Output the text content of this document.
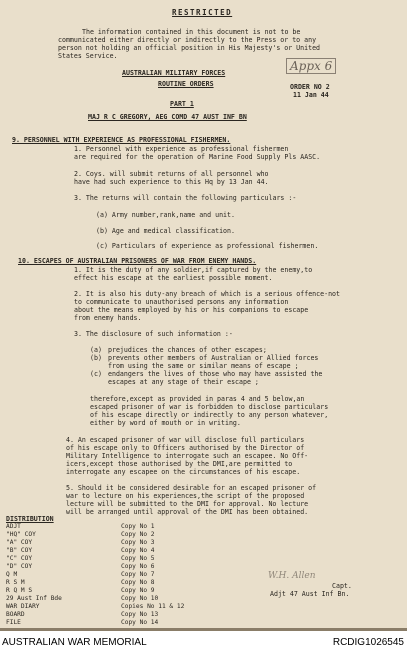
RESTRICTED
The information contained in this document is not to be
communicated either directly or indirectly to the Press or to any
person not holding an official position in His Majesty's or United
States Service.
Appx 6
AUSTRALIAN MILITARY FORCES
ROUTINE ORDERS	ORDER NO 2
11 Jan 44
PART 1
MAJ R C GREGORY, AEG COMD 47 AUST INF BN
9. PERSONNEL WITH EXPERIENCE AS PROFESSIONAL FISHERMEN.
1. Personnel with experience as professional fishermen
are required for the operation of Marine Food Supply Pls AASC.
2. Coys. will submit returns of all personnel who
have had such experience to this Hq by 13 Jan 44.
3. The returns will contain the following particulars :-
(a) Army number,rank,name and unit.
(b) Age and medical classification.
(c) Particulars of experience as professional fishermen.
10. ESCAPES OF AUSTRALIAN PRISONERS OF WAR FROM ENEMY HANDS.
1. It is the duty of any soldier,if captured by the enemy,to
effect his escape at the earliest possible moment.
2. It is also his duty-any breach of which is a serious offence-not
to communicate to unauthorised persons any information
about the means employed by his or his companions to escape
from enemy hands.
3. The disclosure of such information :-
(a) prejudices the chances of other escapes;
(b) prevents other members of Australian or Allied forces
from using the same or similar means of escape ;
(c) endangers the lives of those who may have assisted the
escapes at any stage of their escape ;
therefore,except as provided in paras 4 and 5 below,an
escaped prisoner of war is forbidden to disclose particulars
of his escape directly or indirectly to any person whatever,
either by word of mouth or in writing.
4. An escaped prisoner of war will disclose full particulars
of his escape only to Officers authorised by the Director of
Military Intelligence to interrogate such an escapee. No Off-
icers,except those authorised by the DMI,are permitted to
interrogate any escapee on the circumstances of his escape.
5. Should it be considered desirable for an escaped prisoner of
war to lecture on his experiences,the script of the proposed
lecture will be submitted to the DMI for approval. No lecture
will be arranged until approval of the DMI has been obtained.
DISTRIBUTION
ADJT	Copy No 1
"HQ" COY	Copy No 2
"A" COY	Copy No 3
"B" COY	Copy No 4
"C" COY	Copy No 5
"D" COY	Copy No 6
Q M	Copy No 7
R S M	Copy No 8
R Q M S	Copy No 9
29 Aust Inf Bde	Copy No 10
WAR DIARY	Copies No 11 & 12
BOARD	Copy No 13
FILE	Copy No 14
W.H. Allen
Capt.
Adjt 47 Aust Inf Bn.
AUSTRALIAN WAR MEMORIAL	RCDIG1026545
